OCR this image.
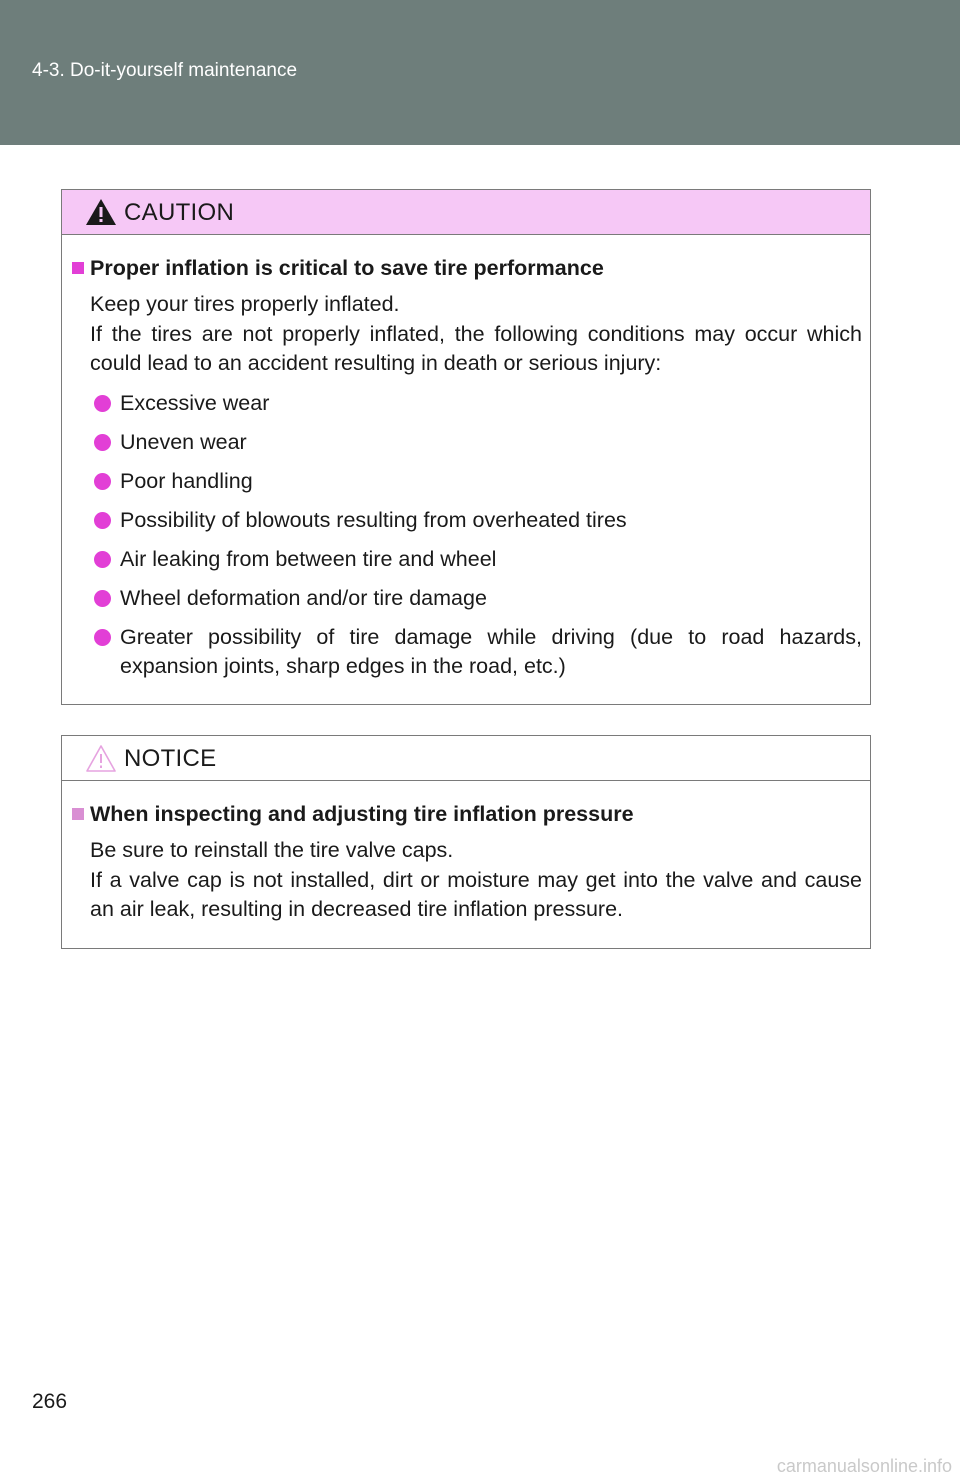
4-3. Do-it-yourself maintenance
CAUTION
Proper inflation is critical to save tire performance

Keep your tires properly inflated.

If the tires are not properly inflated, the following conditions may occur which could lead to an accident resulting in death or serious injury:

Excessive wear
Uneven wear
Poor handling
Possibility of blowouts resulting from overheated tires
Air leaking from between tire and wheel
Wheel deformation and/or tire damage
Greater possibility of tire damage while driving (due to road hazards, expansion joints, sharp edges in the road, etc.)
NOTICE
When inspecting and adjusting tire inflation pressure

Be sure to reinstall the tire valve caps.

If a valve cap is not installed, dirt or moisture may get into the valve and cause an air leak, resulting in decreased tire inflation pressure.

266
carmanualsonline.info
